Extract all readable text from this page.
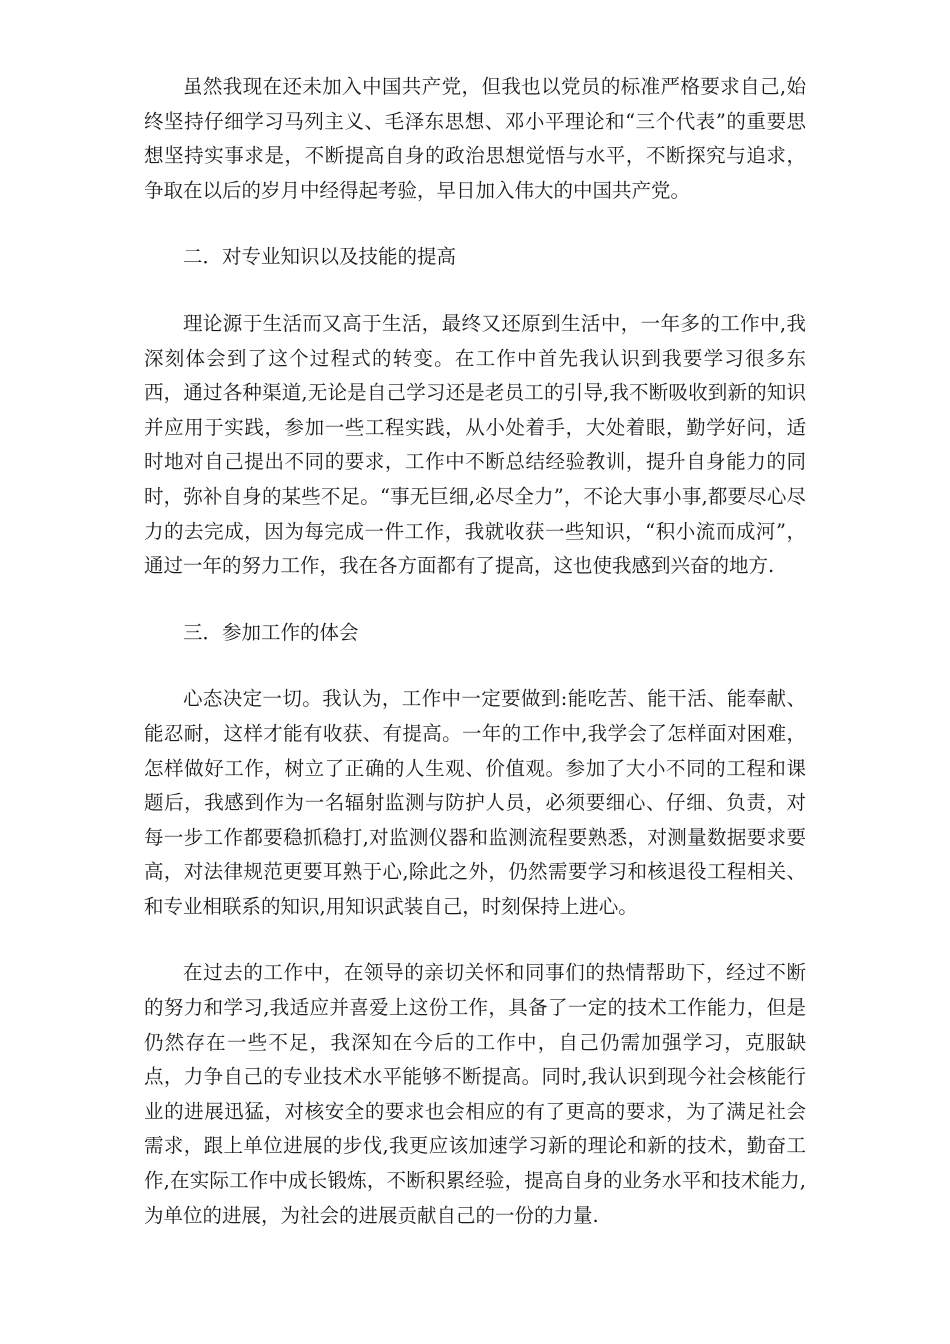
虽然我现在还未加入中国共产党，但我也以党员的标准严格要求自己,始终坚持仔细学习马列主义、毛泽东思想、邓小平理论和“三个代表”的重要思想坚持实事求是，不断提高自身的政治思想觉悟与水平，不断探究与追求，争取在以后的岁月中经得起考验，早日加入伟大的中国共产党。

二．对专业知识以及技能的提高

理论源于生活而又高于生活，最终又还原到生活中，一年多的工作中,我深刻体会到了这个过程式的转变。在工作中首先我认识到我要学习很多东西，通过各种渠道,无论是自己学习还是老员工的引导,我不断吸收到新的知识并应用于实践，参加一些工程实践，从小处着手，大处着眼，勤学好问，适时地对自己提出不同的要求，工作中不断总结经验教训，提升自身能力的同时，弥补自身的某些不足。“事无巨细,必尽全力”，不论大事小事,都要尽心尽力的去完成，因为每完成一件工作，我就收获一些知识，“积小流而成河”，通过一年的努力工作，我在各方面都有了提高，这也使我感到兴奋的地方.

三．参加工作的体会

心态决定一切。我认为，工作中一定要做到:能吃苦、能干活、能奉献、能忍耐，这样才能有收获、有提高。一年的工作中,我学会了怎样面对困难，怎样做好工作，树立了正确的人生观、价值观。参加了大小不同的工程和课题后，我感到作为一名辐射监测与防护人员，必须要细心、仔细、负责，对每一步工作都要稳抓稳打,对监测仪器和监测流程要熟悉，对测量数据要求要高，对法律规范更要耳熟于心,除此之外，仍然需要学习和核退役工程相关、和专业相联系的知识,用知识武装自己，时刻保持上进心。

在过去的工作中，在领导的亲切关怀和同事们的热情帮助下，经过不断的努力和学习,我适应并喜爱上这份工作，具备了一定的技术工作能力，但是仍然存在一些不足，我深知在今后的工作中，自己仍需加强学习，克服缺点，力争自己的专业技术水平能够不断提高。同时,我认识到现今社会核能行业的进展迅猛，对核安全的要求也会相应的有了更高的要求，为了满足社会需求，跟上单位进展的步伐,我更应该加速学习新的理论和新的技术，勤奋工作,在实际工作中成长锻炼，不断积累经验，提高自身的业务水平和技术能力,为单位的进展，为社会的进展贡献自己的一份的力量.
